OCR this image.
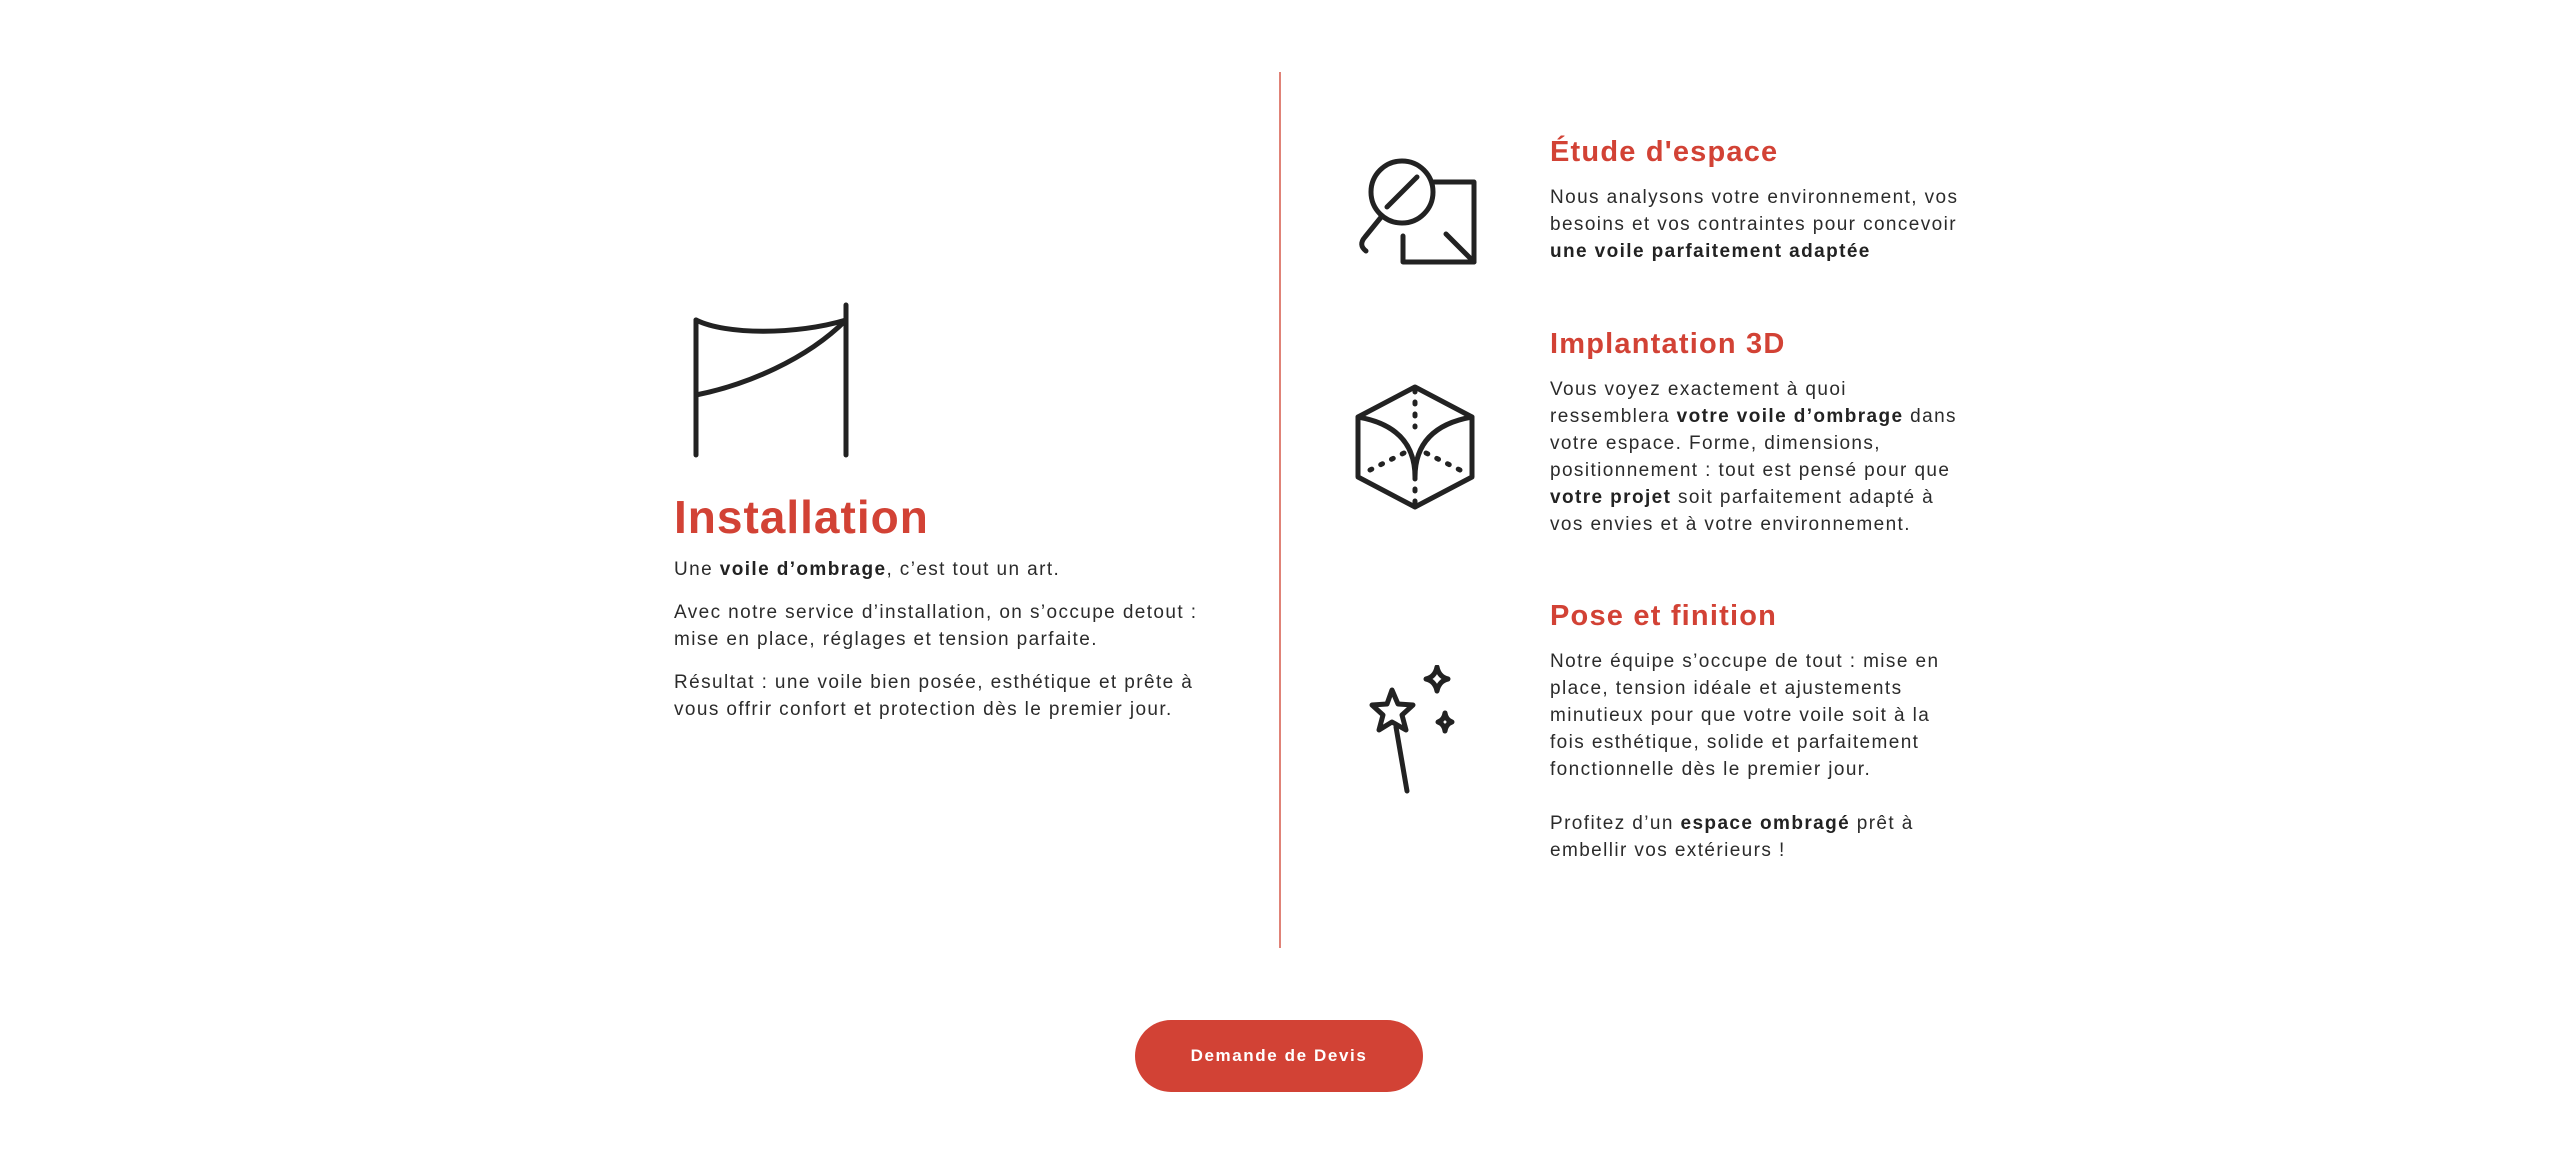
Installation

Une voile d’ombrage, c’est tout un art.

Avec notre service d’installation, on s’occupe detout : mise en place, réglages et tension parfaite.

Résultat : une voile bien posée, esthétique et prête à vous offrir confort et protection dès le premier jour.

Étude d'espace

Nous analysons votre environnement, vos besoins et vos contraintes pour concevoir une voile parfaitement adaptée

Implantation 3D

Vous voyez exactement à quoi ressemblera votre voile d’ombrage dans votre espace. Forme, dimensions, positionnement : tout est pensé pour que votre projet soit parfaitement adapté à vos envies et à votre environnement.

Pose et finition

Notre équipe s’occupe de tout : mise en place, tension idéale et ajustements minutieux pour que votre voile soit à la fois esthétique, solide et parfaitement fonctionnelle dès le premier jour.

Profitez d’un espace ombragé prêt à embellir vos extérieurs !

Demande de Devis
